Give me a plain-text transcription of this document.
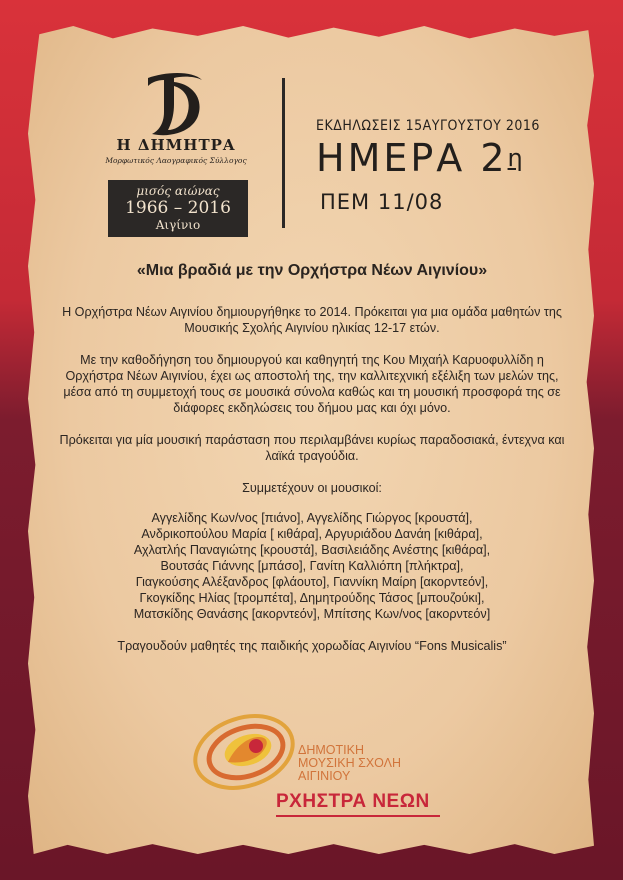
Η ΔΗΜΗΤΡΑ
Μορφωτικός Λαογραφικός Σύλλογος
μισός αιώνας
1966 – 2016
Αιγίνιο
ΕΚΔΗΛΩΣΕΙΣ 15ΑΥΓΟΥΣΤΟΥ 2016
ΗΜΕΡΑ $2^\eta$
ΠΕΜ 11/08
«Μια βραδιά με την Ορχήστρα Νέων Αιγινίου»

Η Ορχήστρα Νέων Αιγινίου δημιουργήθηκε το 2014. Πρόκειται για μια ομάδα μαθητών της Μουσικής Σχολής Αιγινίου ηλικίας 12-17 ετών.

Με την καθοδήγηση του δημιουργού και καθηγητή της Κου Μιχαήλ Καρυοφυλλίδη η Ορχήστρα Νέων Αιγινίου, έχει ως αποστολή της, την καλλιτεχνική εξέλιξη των μελών της, μέσα από τη συμμετοχή τους σε μουσικά σύνολα καθώς και τη μουσική προσφορά της σε διάφορες εκδηλώσεις του δήμου μας και όχι μόνο.

Πρόκειται για μία μουσική παράσταση που περιλαμβάνει κυρίως παραδοσιακά, έντεχνα και λαϊκά τραγούδια.

Συμμετέχουν οι μουσικοί:

Αγγελίδης Κων/νος [πιάνο], Αγγελίδης Γιώργος [κρουστά],
Ανδρικοπούλου Μαρία [ κιθάρα], Αργυριάδου Δανάη [κιθάρα],
Αχλατλής Παναγιώτης [κρουστά], Βασιλειάδης Ανέστης [κιθάρα],
Βουτσάς Γιάννης [μπάσο], Γανίτη Καλλιόπη [πλήκτρα],
Γιαγκούσης Αλέξανδρος [φλάουτο], Γιαννίκη Μαίρη [ακορντεόν],
Γκογκίδης Ηλίας [τρομπέτα], Δημητρούδης Τάσος [μπουζούκι],
Ματσκίδης Θανάσης [ακορντεόν], Μπίτσης Κων/νος [ακορντεόν]

Τραγουδούν μαθητές της παιδικής χορωδίας Αιγινίου “Fons Musicalis”

ΔΗΜΟΤΙΚΗ
ΜΟΥΣΙΚΗ ΣΧΟΛΗ
ΑΙΓΙΝΙΟΥ
ΡΧΗΣΤΡΑ ΝΕΩΝ
